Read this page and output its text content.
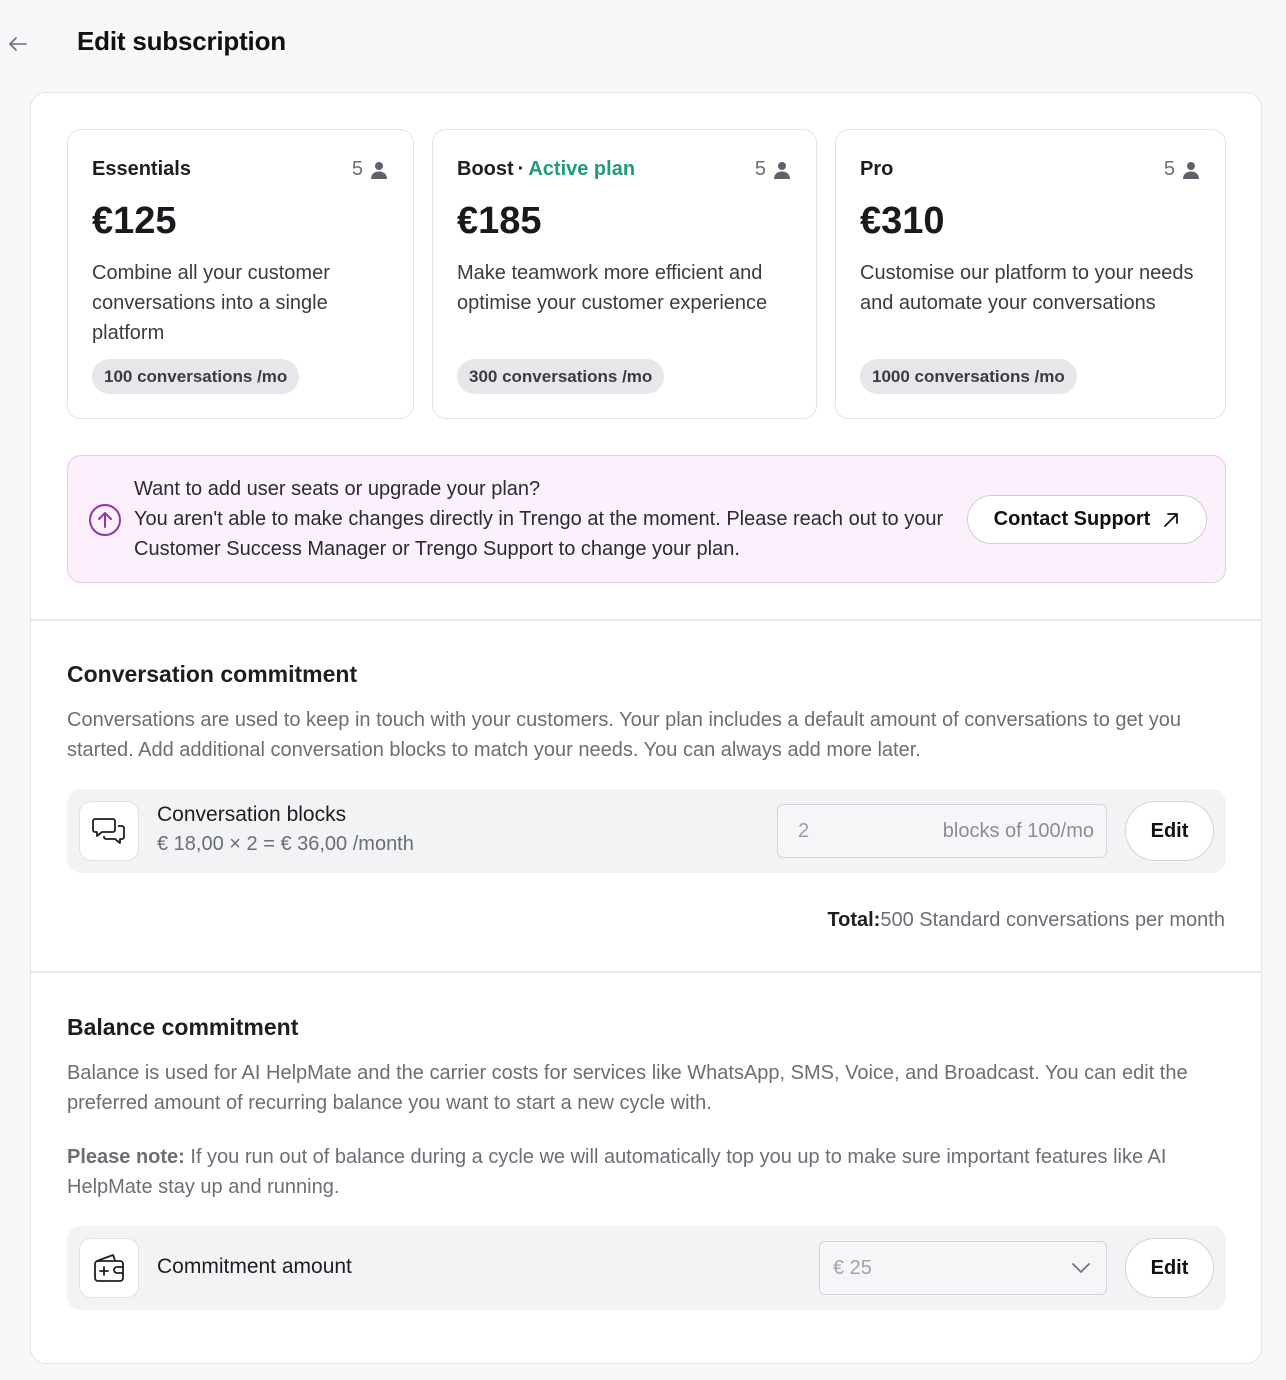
Edit subscription
Essentials	5
€125
Combine all your customer conversations into a single platform
100 conversations /mo
Boost · Active plan	5
€185
Make teamwork more efficient and optimise your customer experience
300 conversations /mo
Pro	5
€310
Customise our platform to your needs and automate your conversations
1000 conversations /mo
Want to add user seats or upgrade your plan?
You aren't able to make changes directly in Trengo at the moment. Please reach out to your Customer Success Manager or Trengo Support to change your plan.
Contact Support
Conversation commitment
Conversations are used to keep in touch with your customers. Your plan includes a default amount of conversations to get you started. Add additional conversation blocks to match your needs. You can always add more later.
Conversation blocks
€ 18,00 × 2 = € 36,00 /month
2	blocks of 100/mo	Edit
Total:500 Standard conversations per month
Balance commitment
Balance is used for AI HelpMate and the carrier costs for services like WhatsApp, SMS, Voice, and Broadcast. You can edit the preferred amount of recurring balance you want to start a new cycle with.
Please note: If you run out of balance during a cycle we will automatically top you up to make sure important features like AI HelpMate stay up and running.
Commitment amount	€ 25	Edit
